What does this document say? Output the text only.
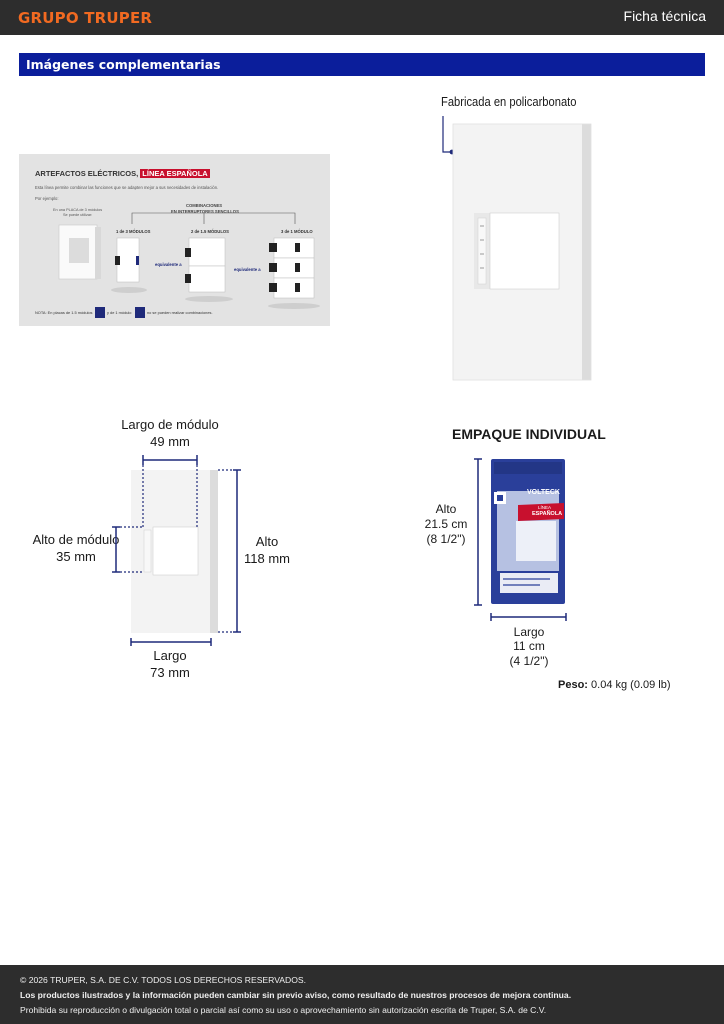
GRUPO TRUPER	Ficha técnica
Imágenes complementarias
ARTEFACTOS ELÉCTRICOS, LÍNEA ESPAÑOLA
Esta línea permite combinar las funciones que se adapten mejor a sus necesidades de instalación.
Por ejemplo:
En una PLACA de 3 módulos
Se puede utilizar:
COMBINACIONES
EN INTERRUPTORES SENCILLOS
1 de 3 MÓDULOS	2 de 1.5 MÓDULOS	3 de 1 MÓDULO
equivalente a
equivalente a
NOTA: En placas de 1.5 módulos	y de 1 módulo	no se pueden realizar combinaciones.
Fabricada en policarbonato
Largo de módulo
49 mm
Alto de módulo
35 mm
Alto
118 mm
Largo
73 mm
EMPAQUE INDIVIDUAL
VOLTECK
LÍNEA
ESPAÑOLA
Alto
21.5 cm
(8 1/2")
Largo
11 cm
(4 1/2")
Peso: 0.04 kg (0.09 lb)

© 2026 TRUPER, S.A. DE C.V. TODOS LOS DERECHOS RESERVADOS.

Los productos ilustrados y la información pueden cambiar sin previo aviso, como resultado de nuestros procesos de mejora continua.

Prohibida su reproducción o divulgación total o parcial así como su uso o aprovechamiento sin autorización escrita de Truper, S.A. de C.V.
